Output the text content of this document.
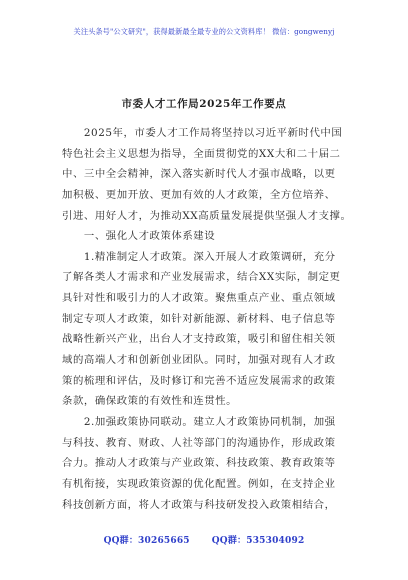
关注头条号"公文研究"，获得最新最全最专业的公文资料库！ 微信：gongwenyj
市委人才工作局2025年工作要点
　　2025年，市委人才工作局将坚持以习近平新时代中国
特色社会主义思想为指导，全面贯彻党的XX大和二十届二
中、三中全会精神，深入落实新时代人才强市战略，以更
加积极、更加开放、更加有效的人才政策，全方位培养、
引进、用好人才，为推动XX高质量发展提供坚强人才支撑。
　　一、强化人才政策体系建设
　　1.精准制定人才政策。深入开展人才政策调研，充分
了解各类人才需求和产业发展需求，结合XX实际，制定更
具针对性和吸引力的人才政策。聚焦重点产业、重点领域
制定专项人才政策，如针对新能源、新材料、电子信息等
战略性新兴产业，出台人才支持政策，吸引和留住相关领
域的高端人才和创新创业团队。同时，加强对现有人才政
策的梳理和评估，及时修订和完善不适应发展需求的政策
条款，确保政策的有效性和连贯性。
　　2.加强政策协同联动。建立人才政策协同机制，加强
与科技、教育、财政、人社等部门的沟通协作，形成政策
合力。推动人才政策与产业政策、科技政策、教育政策等
有机衔接，实现政策资源的优化配置。例如，在支持企业
科技创新方面，将人才政策与科技研发投入政策相结合，
QQ群：30265665 QQ群：535304092
